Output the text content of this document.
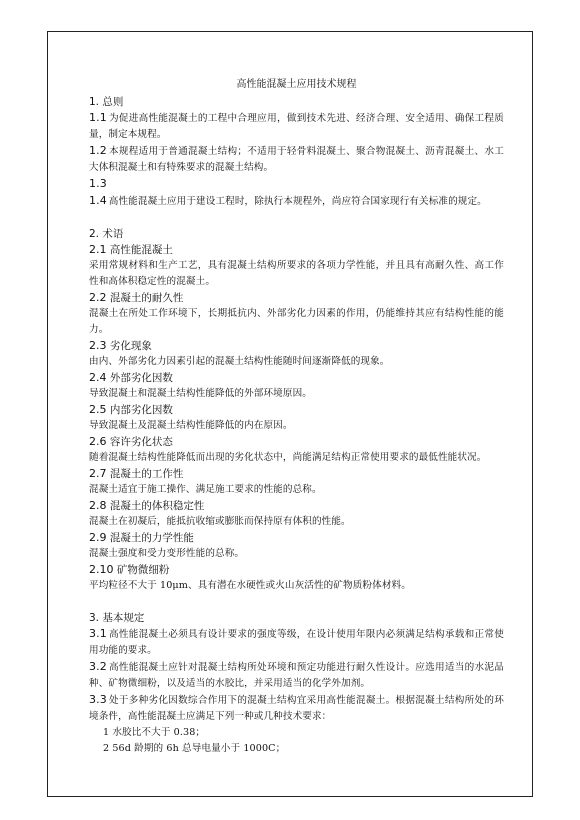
高性能混凝土应用技术规程

1. 总则

1.1 为促进高性能混凝土的工程中合理应用，做到技术先进、经济合理、安全适用、确保工程质量，制定本规程。

1.2 本规程适用于普通混凝土结构；不适用于轻骨料混凝土、聚合物混凝土、沥青混凝土、水工大体积混凝土和有特殊要求的混凝土结构。

1.3

1.4 高性能混凝土应用于建设工程时，除执行本规程外，尚应符合国家现行有关标准的规定。

2. 术语

2.1 高性能混凝土

采用常规材料和生产工艺，具有混凝土结构所要求的各项力学性能，并且具有高耐久性、高工作性和高体积稳定性的混凝土。

2.2 混凝土的耐久性

混凝土在所处工作环境下，长期抵抗内、外部劣化力因素的作用，仍能维持其应有结构性能的能力。

2.3 劣化现象

由内、外部劣化力因素引起的混凝土结构性能随时间逐渐降低的现象。

2.4 外部劣化因数

导致混凝土和混凝土结构性能降低的外部环境原因。

2.5 内部劣化因数

导致混凝土及混凝土结构性能降低的内在原因。

2.6 容许劣化状态

随着混凝土结构性能降低而出现的劣化状态中，尚能满足结构正常使用要求的最低性能状况。

2.7 混凝土的工作性

混凝土适宜于施工操作、满足施工要求的性能的总称。

2.8 混凝土的体积稳定性

混凝土在初凝后，能抵抗收缩或膨胀而保持原有体积的性能。

2.9 混凝土的力学性能

混凝土强度和受力变形性能的总称。

2.10 矿物微细粉

平均粒径不大于 10μm、具有潜在水硬性或火山灰活性的矿物质粉体材料。

3. 基本规定

3.1 高性能混凝土必须具有设计要求的强度等级，在设计使用年限内必须满足结构承载和正常使用功能的要求。

3.2 高性能混凝土应针对混凝土结构所处环境和预定功能进行耐久性设计。应选用适当的水泥品种、矿物微细粉，以及适当的水胶比，并采用适当的化学外加剂。

3.3 处于多种劣化因数综合作用下的混凝土结构宜采用高性能混凝土。根据混凝土结构所处的环境条件，高性能混凝土应满足下列一种或几种技术要求：

1 水胶比不大于 0.38；

2 56d 龄期的 6h 总导电量小于 1000C；
